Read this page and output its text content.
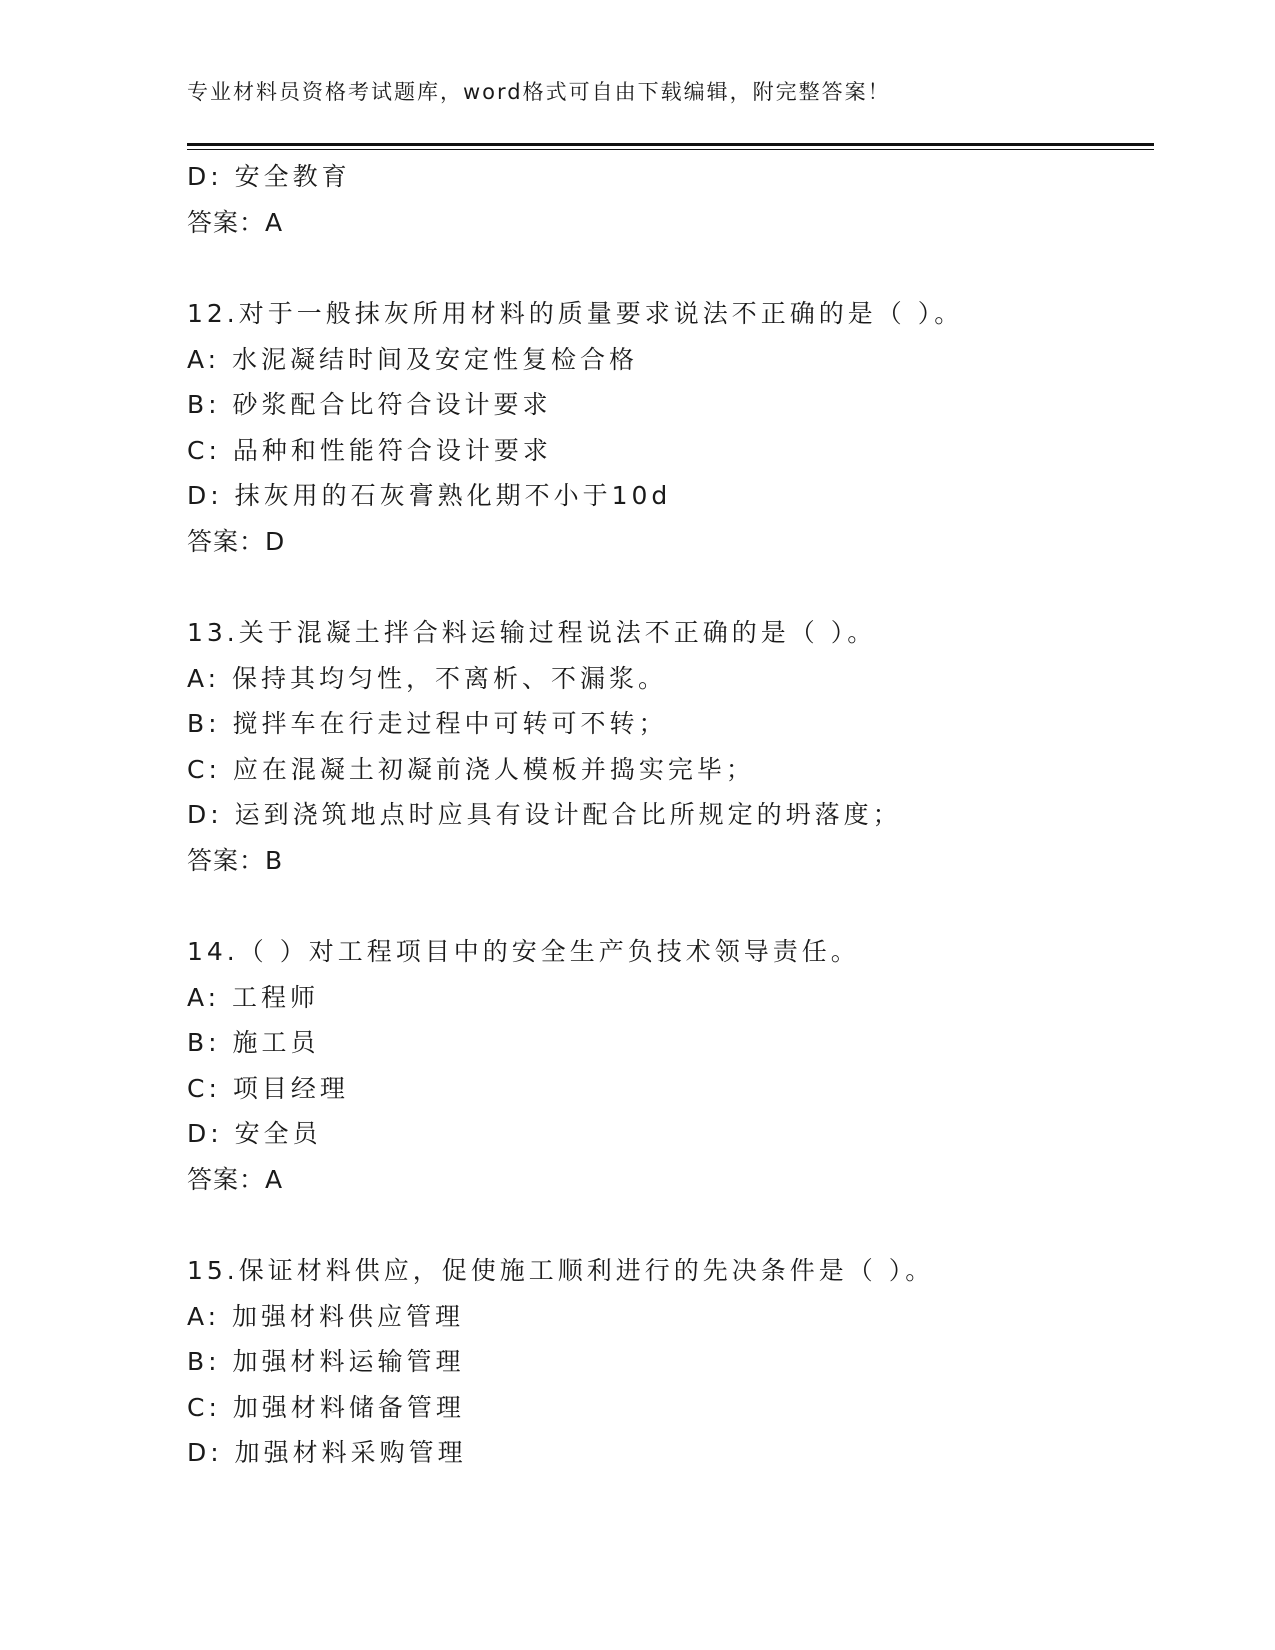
专业材料员资格考试题库，word格式可自由下载编辑，附完整答案！
D: 安全教育
答案：A
12.对于一般抹灰所用材料的质量要求说法不正确的是（ ）。
A: 水泥凝结时间及安定性复检合格
B: 砂浆配合比符合设计要求
C: 品种和性能符合设计要求
D: 抹灰用的石灰膏熟化期不小于10d
答案：D
13.关于混凝土拌合料运输过程说法不正确的是（ ）。
A: 保持其均匀性，不离析、不漏浆。
B: 搅拌车在行走过程中可转可不转；
C: 应在混凝土初凝前浇人模板并捣实完毕；
D: 运到浇筑地点时应具有设计配合比所规定的坍落度；
答案：B
14.（ ）对工程项目中的安全生产负技术领导责任。
A: 工程师
B: 施工员
C: 项目经理
D: 安全员
答案：A
15.保证材料供应，促使施工顺利进行的先决条件是（ ）。
A: 加强材料供应管理
B: 加强材料运输管理
C: 加强材料储备管理
D: 加强材料采购管理
